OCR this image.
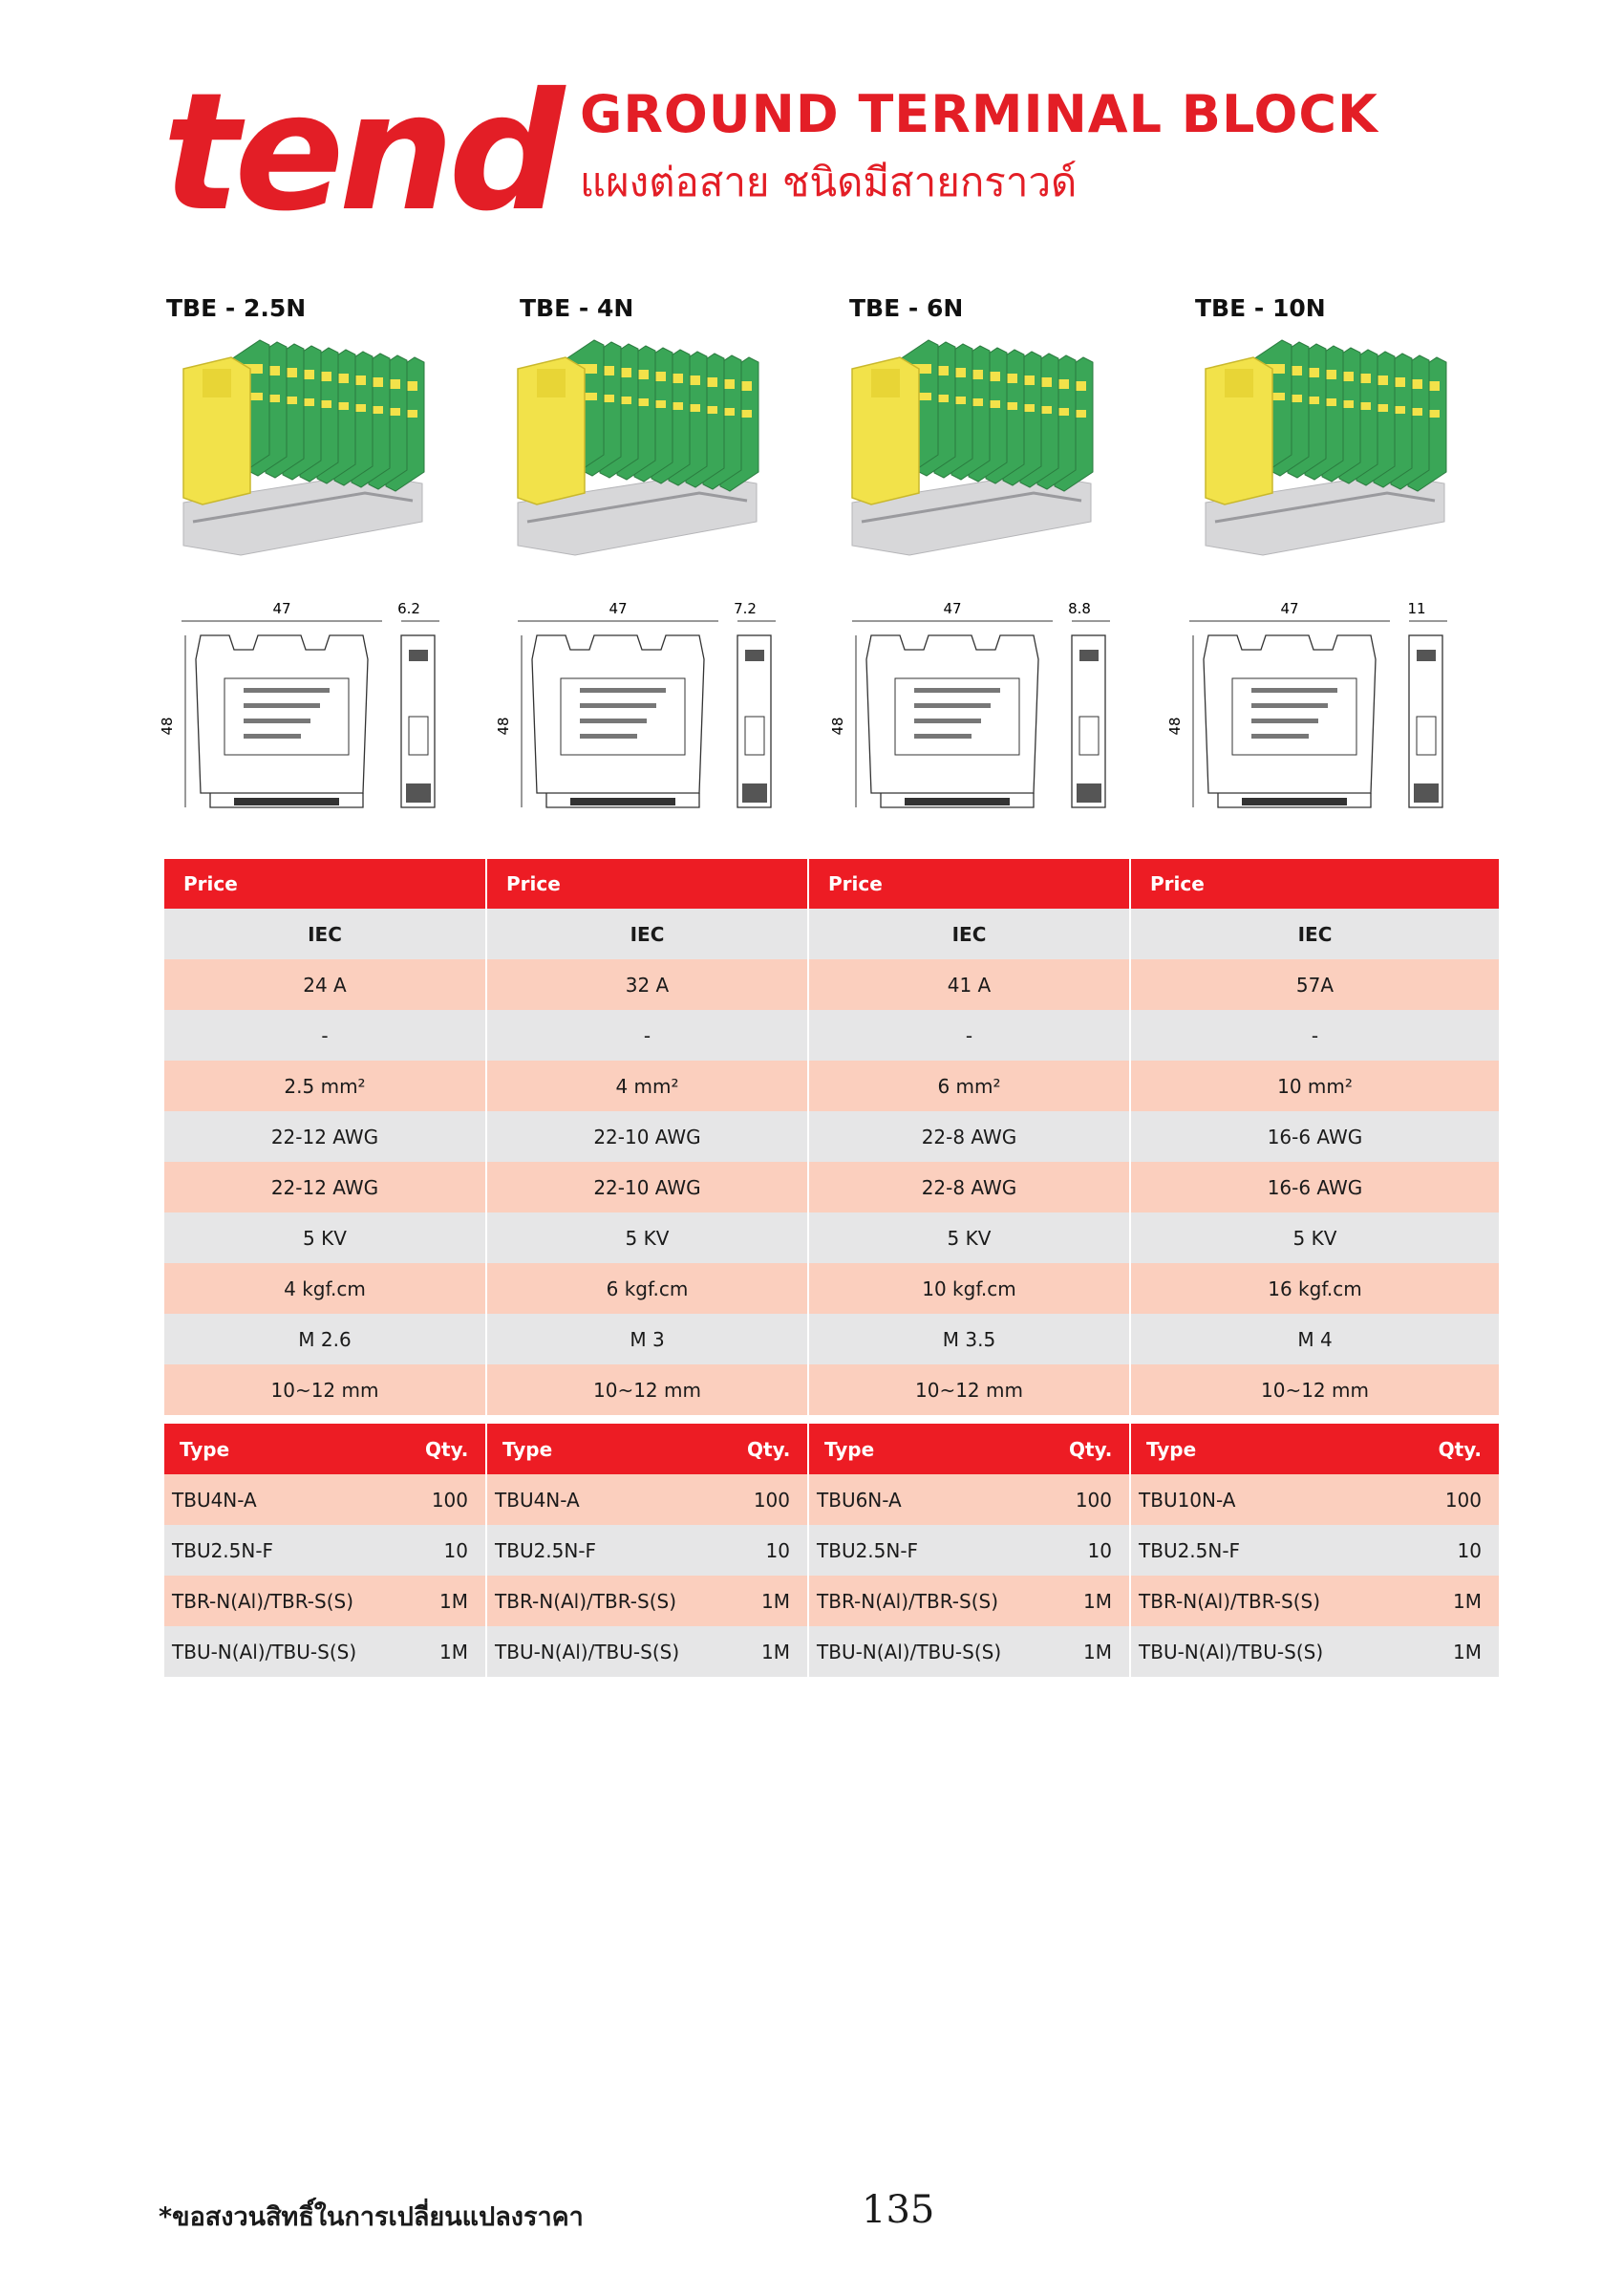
tend GROUND TERMINAL BLOCK
แผงต่อสาย ชนิดมีสายกราวด์
TBE - 2.5N	TBE - 4N	TBE - 6N	TBE - 10N
47	6.2
48
47	7.2
48
47	8.8
48
47	11
48
Price	Price	Price	Price
IEC	IEC	IEC	IEC
24 A	32 A	41 A	57A
-	-	-	-
2.5 mm²	4 mm²	6 mm²	10 mm²
22-12 AWG	22-10 AWG	22-8 AWG	16-6 AWG
22-12 AWG	22-10 AWG	22-8 AWG	16-6 AWG
5 KV	5 KV	5 KV	5 KV
4 kgf.cm	6 kgf.cm	10 kgf.cm	16 kgf.cm
M 2.6	M 3	M 3.5	M 4
10~12 mm	10~12 mm	10~12 mm	10~12 mm
Type	Qty.	Type	Qty.	Type	Qty.	Type	Qty.
TBU4N-A	100	TBU4N-A	100	TBU6N-A	100	TBU10N-A	100
TBU2.5N-F	10	TBU2.5N-F	10	TBU2.5N-F	10	TBU2.5N-F	10
TBR-N(Al)/TBR-S(S)	1M	TBR-N(Al)/TBR-S(S)	1M	TBR-N(Al)/TBR-S(S)	1M	TBR-N(Al)/TBR-S(S)	1M
TBU-N(Al)/TBU-S(S)	1M	TBU-N(Al)/TBU-S(S)	1M	TBU-N(Al)/TBU-S(S)	1M	TBU-N(Al)/TBU-S(S)	1M
*ขอสงวนสิทธิ์ในการเปลี่ยนแปลงราคา	135
